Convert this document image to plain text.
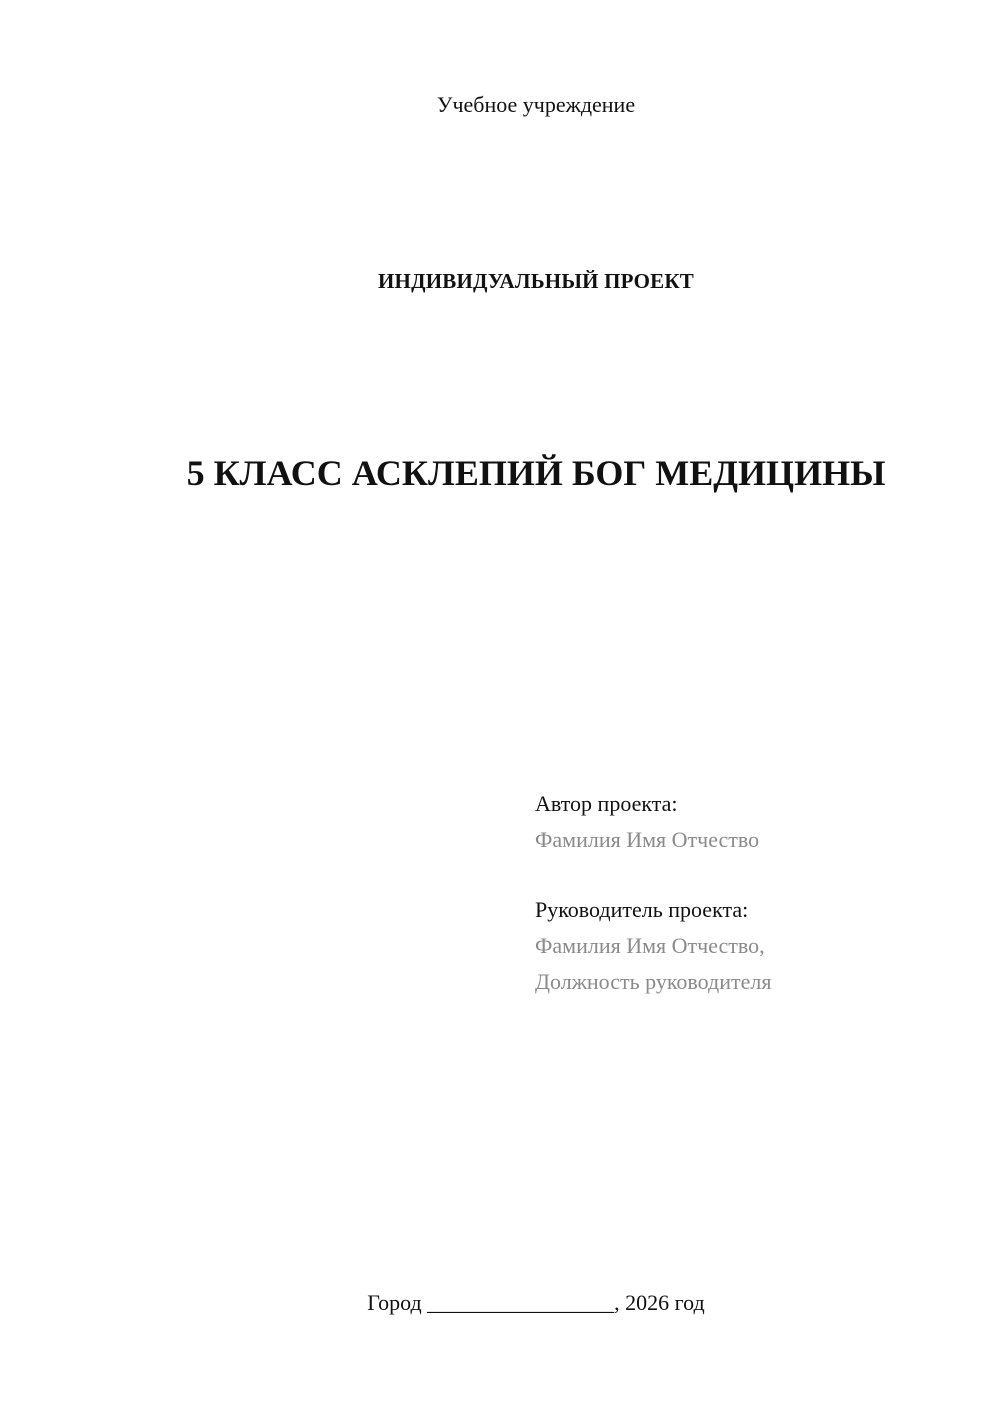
Учебное учреждение
ИНДИВИДУАЛЬНЫЙ ПРОЕКТ
5 КЛАСС АСКЛЕПИЙ БОГ МЕДИЦИНЫ
Автор проекта:
Фамилия Имя Отчество
Руководитель проекта:
Фамилия Имя Отчество,
Должность руководителя
Город _________________, 2026 год
